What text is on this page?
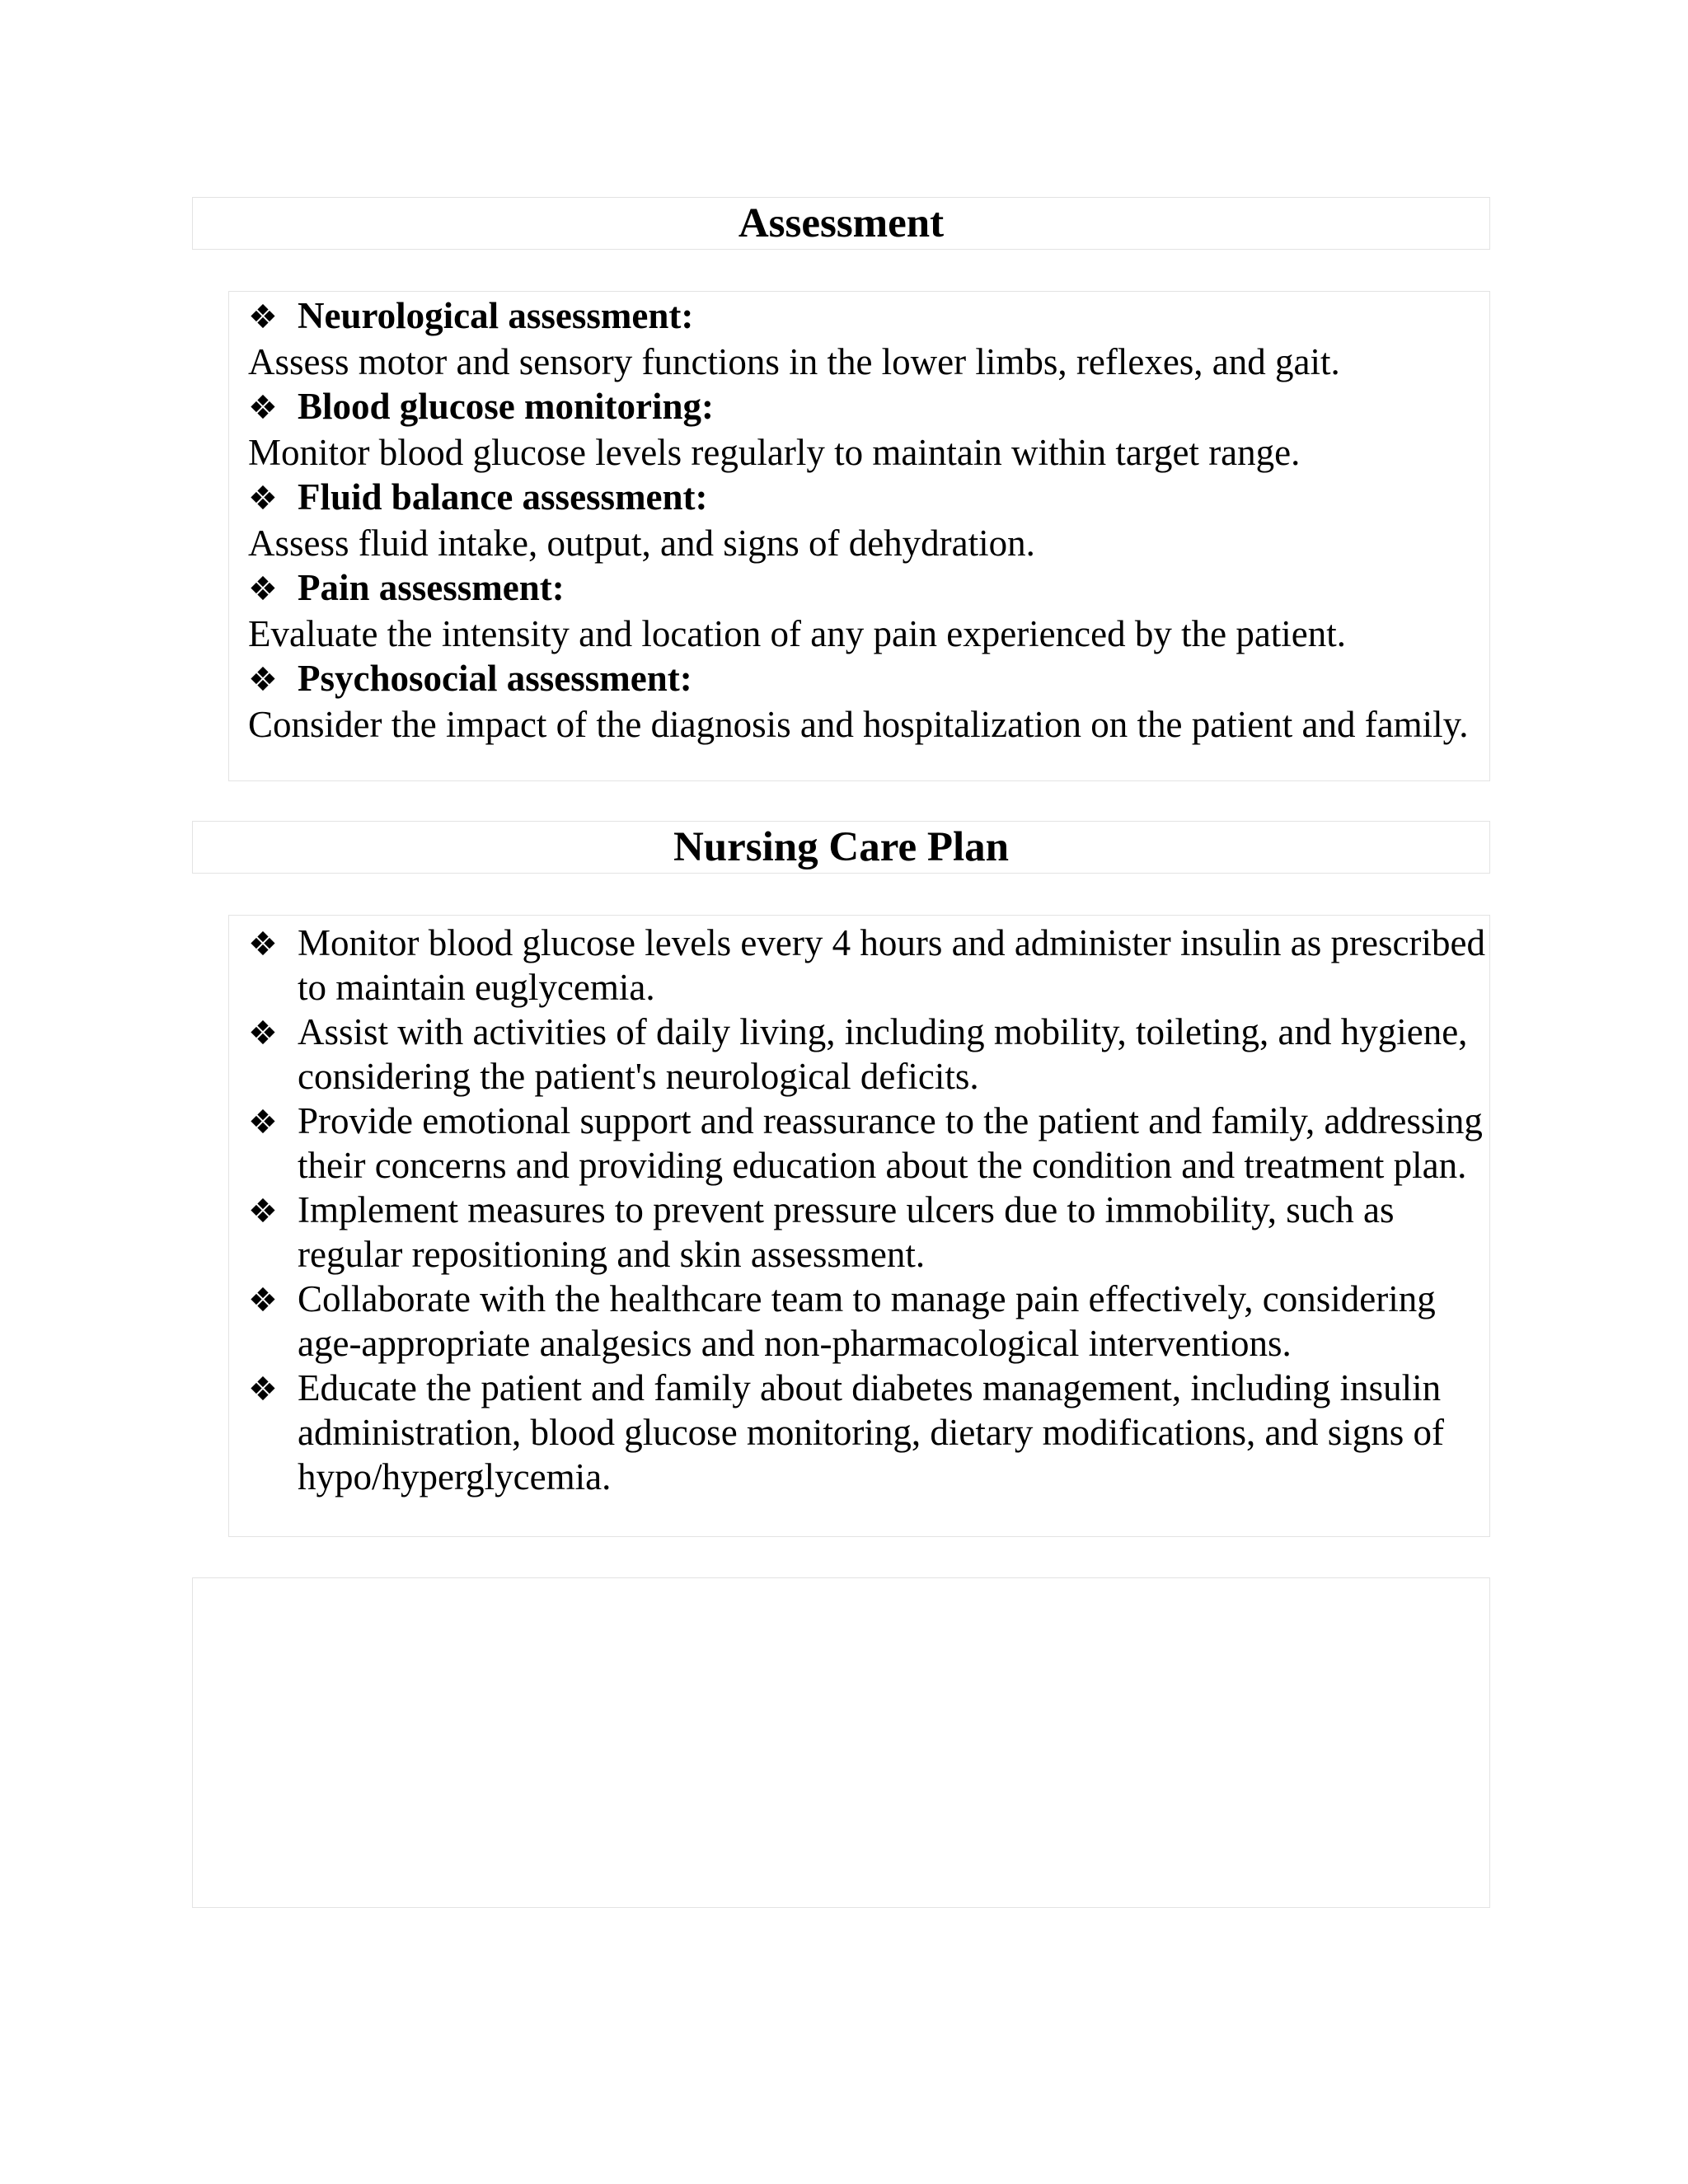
Assessment
❖ Neurological assessment:
Assess motor and sensory functions in the lower limbs, reflexes, and gait.
❖ Blood glucose monitoring:
Monitor blood glucose levels regularly to maintain within target range.
❖ Fluid balance assessment:
Assess fluid intake, output, and signs of dehydration.
❖ Pain assessment:
Evaluate the intensity and location of any pain experienced by the patient.
❖ Psychosocial assessment:
Consider the impact of the diagnosis and hospitalization on the patient and family.
Nursing Care Plan
❖ Monitor blood glucose levels every 4 hours and administer insulin as prescribed to maintain euglycemia.
❖ Assist with activities of daily living, including mobility, toileting, and hygiene, considering the patient's neurological deficits.
❖ Provide emotional support and reassurance to the patient and family, addressing their concerns and providing education about the condition and treatment plan.
❖ Implement measures to prevent pressure ulcers due to immobility, such as regular repositioning and skin assessment.
❖ Collaborate with the healthcare team to manage pain effectively, considering age-appropriate analgesics and non-pharmacological interventions.
❖ Educate the patient and family about diabetes management, including insulin administration, blood glucose monitoring, dietary modifications, and signs of hypo/hyperglycemia.
